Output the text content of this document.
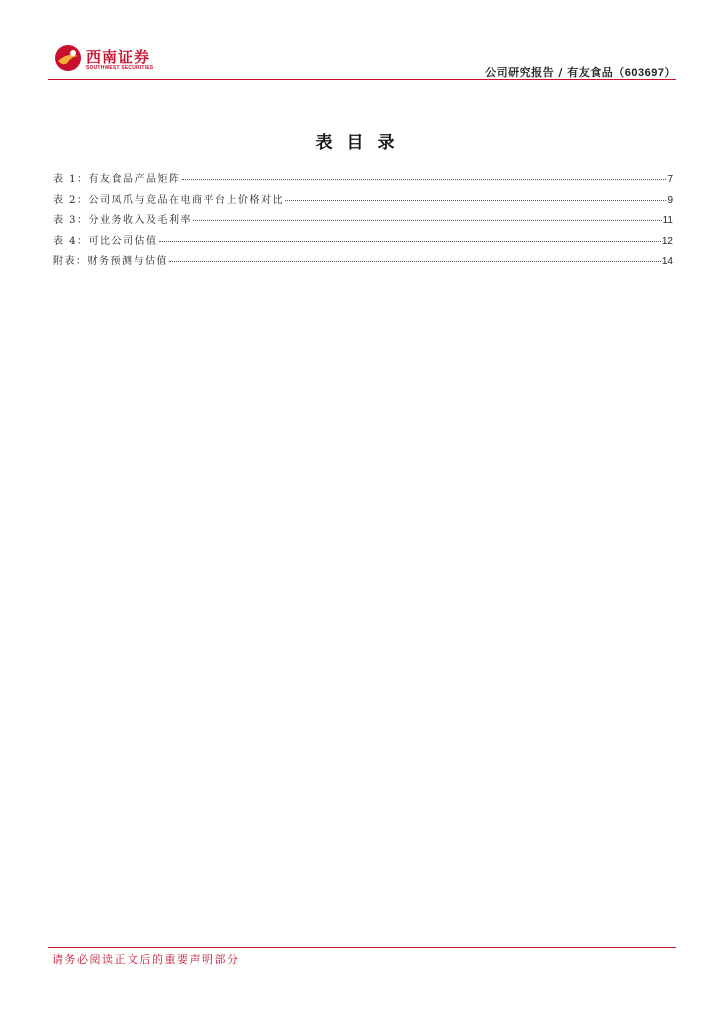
西南证券
SOUTHWEST SECURITIES	公司研究报告 / 有友食品（603697）
表目录
表 1：有友食品产品矩阵	7
表 2：公司凤爪与竞品在电商平台上价格对比	9
表 3：分业务收入及毛利率	11
表 4：可比公司估值	12
附表：财务预测与估值	14
请务必阅读正文后的重要声明部分
